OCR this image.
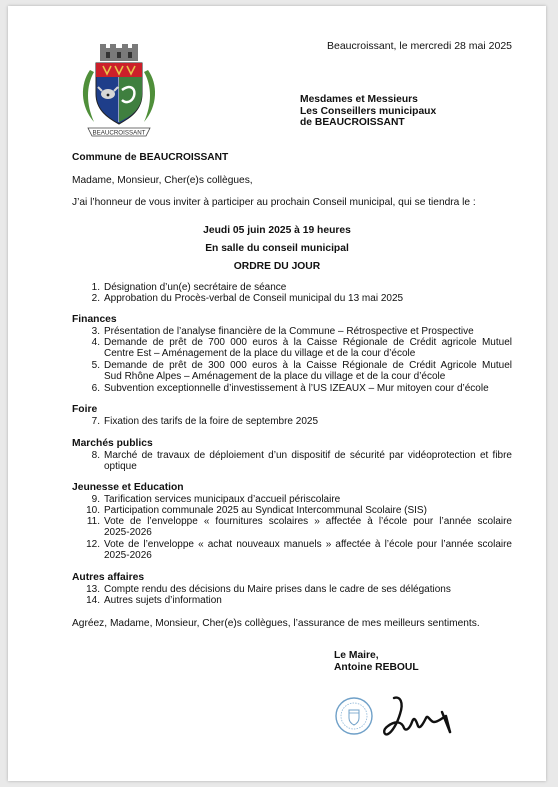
BEAUCROISSANT
Beaucroissant, le mercredi 28 mai 2025
Mesdames et Messieurs
Les Conseillers municipaux
de BEAUCROISSANT
Commune de BEAUCROISSANT
Madame, Monsieur, Cher(e)s collègues,
J’ai l’honneur de vous inviter à participer au prochain Conseil municipal, qui se tiendra le :
Jeudi 05 juin 2025 à 19 heures
En salle du conseil municipal
ORDRE DU JOUR
1. Désignation d’un(e) secrétaire de séance
2. Approbation du Procès-verbal de Conseil municipal du 13 mai 2025
Finances
3. Présentation de l’analyse financière de la Commune – Rétrospective et Prospective
4. Demande de prêt de 700 000 euros à la Caisse Régionale de Crédit agricole Mutuel
Centre Est – Aménagement de la place du village et de la cour d’école
5. Demande de prêt de 300 000 euros à la Caisse Régionale de Crédit Agricole Mutuel
Sud Rhône Alpes – Aménagement de la place du village et de la cour d’école
6. Subvention exceptionnelle d’investissement à l’US IZEAUX – Mur mitoyen cour d’école
Foire
7. Fixation des tarifs de la foire de septembre 2025
Marchés publics
8. Marché de travaux de déploiement d’un dispositif de sécurité par vidéoprotection et fibre
optique
Jeunesse et Education
9. Tarification services municipaux d’accueil périscolaire
10. Participation communale 2025 au Syndicat Intercommunal Scolaire (SIS)
11. Vote de l’enveloppe « fournitures scolaires » affectée à l’école pour l’année scolaire
2025-2026
12. Vote de l’enveloppe « achat nouveaux manuels » affectée à l’école pour l’année scolaire
2025-2026
Autres affaires
13. Compte rendu des décisions du Maire prises dans le cadre de ses délégations
14. Autres sujets d’information
Agréez, Madame, Monsieur, Cher(e)s collègues, l’assurance de mes meilleurs sentiments.
Le Maire,
Antoine REBOUL
